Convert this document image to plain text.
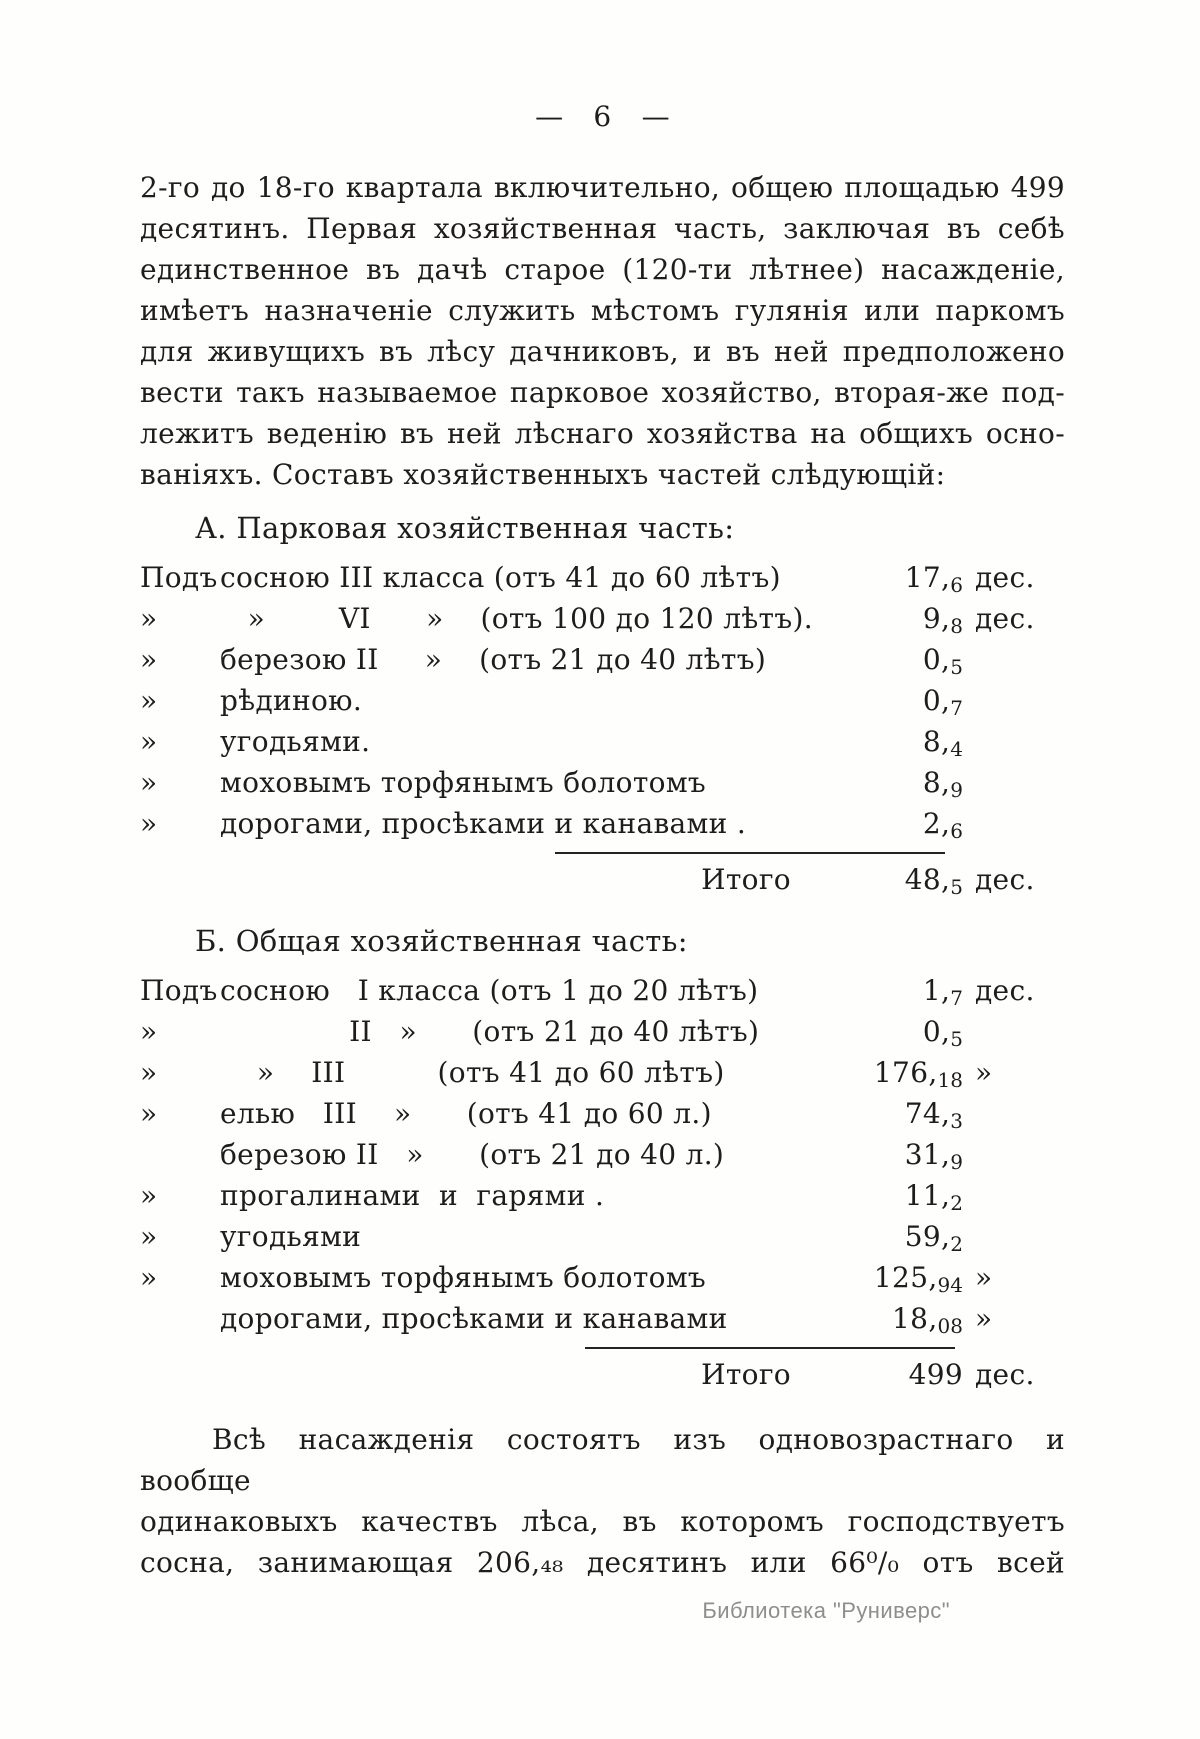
— 6 —
2-го до 18-го квартала включительно, общею площадью 499
десятинъ. Первая хозяйственная часть, заключая въ себѣ
единственное въ дачѣ старое (120-ти лѣтнее) насажденіе,
имѣетъ назначеніе служить мѣстомъ гулянія или паркомъ
для живущихъ въ лѣсу дачниковъ, и въ ней предположено
вести такъ называемое парковое хозяйство, вторая-же под-
лежитъ веденію въ ней лѣснаго хозяйства на общихъ осно-
ваніяхъ. Составъ хозяйственныхъ частей слѣдующій:
А. Парковая хозяйственная часть:
Подъ сосною III класса (отъ 41 до 60 лѣтъ)	17,6 дес.
»	»        VI      »    (отъ 100 до 120 лѣтъ).	9,8 дес.
»	березою II     »    (отъ 21 до 40 лѣтъ)	0,5
»	рѣдиною.	0,7
»	угодьями.	8,4
»	моховымъ торфянымъ болотомъ	8,9
»	дорогами, просѣками и канавами .	2,6
Итого	48,5 дес.
Б. Общая хозяйственная часть:
Подъ сосною   I класса (отъ 1 до 20 лѣтъ)	1,7 дес.
»	II   »      (отъ 21 до 40 лѣтъ)	0,5
»	»    III          (отъ 41 до 60 лѣтъ)	176,18 »
»	елью   III    »      (отъ 41 до 60 л.)	74,3
березою II   »      (отъ 21 до 40 л.)	31,9
»	прогалинами  и  гарями .	11,2
»	угодьями	59,2
»	моховымъ торфянымъ болотомъ	125,94 »
дорогами, просѣками и канавами	18,08 »
Итого	499 дес.
Всѣ насажденія состоятъ изъ одновозрастнаго и вообще
одинаковыхъ качествъ лѣса, въ которомъ господствуетъ
сосна, занимающая 206,₄₈ десятинъ или 66⁰/₀ отъ всей
Библиотека "Руниверс"
